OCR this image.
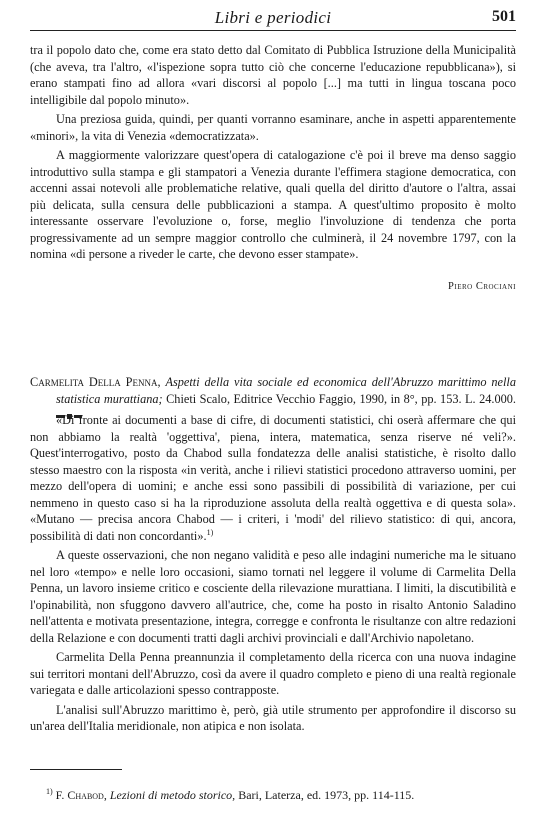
Libri e periodici	501

tra il popolo dato che, come era stato detto dal Comitato di Pubblica Istruzione della Municipalità (che aveva, tra l'altro, «l'ispezione sopra tutto ciò che concerne l'educazione repubblicana»), si erano stampati fino ad allora «vari discorsi al popolo [...] ma tutti in lingua toscana poco intelligibile dal popolo minuto».

Una preziosa guida, quindi, per quanti vorranno esaminare, anche in aspetti apparentemente «minori», la vita di Venezia «democratizzata».

A maggiormente valorizzare quest'opera di catalogazione c'è poi il breve ma denso saggio introduttivo sulla stampa e gli stampatori a Venezia durante l'effimera stagione democratica, con accenni assai notevoli alle problematiche relative, quali quella del diritto d'autore o l'altra, assai più delicata, sulla censura delle pubblicazioni a stampa. A quest'ultimo proposito è molto interessante osservare l'evoluzione o, forse, meglio l'involuzione di tendenza che porta progressivamente ad un sempre maggior controllo che culminerà, il 24 novembre 1797, con la nomina «di persone a riveder le carte, che devono esser stampate».

Piero Crociani

Carmelita Della Penna, Aspetti della vita sociale ed economica dell'Abruzzo marittimo nella statistica murattiana; Chieti Scalo, Editrice Vecchio Faggio, 1990, in 8°, pp. 153. L. 24.000.

«Di fronte ai documenti a base di cifre, di documenti statistici, chi oserà affermare che qui non abbiamo la realtà 'oggettiva', piena, intera, matematica, senza riserve né veli?». Quest'interrogativo, posto da Chabod sulla fondatezza delle analisi statistiche, è risolto dallo stesso maestro con la risposta «in verità, anche i rilievi statistici procedono attraverso uomini, per mezzo dell'opera di uomini; e anche essi sono passibili di possibilità di variazione, per cui nemmeno in questo caso si ha la riproduzione assoluta della realtà oggettiva e di questa sola». «Mutano — precisa ancora Chabod — i criteri, i 'modi' del rilievo statistico: di qui, ancora, possibilità di dati non concordanti».$^{1)}$

A queste osservazioni, che non negano validità e peso alle indagini numeriche ma le situano nel loro «tempo» e nelle loro occasioni, siamo tornati nel leggere il volume di Carmelita Della Penna, un lavoro insieme critico e cosciente della rilevazione murattiana. I limiti, la discutibilità e l'opinabilità, non sfuggono davvero all'autrice, che, come ha posto in risalto Antonio Saladino nell'attenta e motivata presentazione, integra, corregge e confronta le risultanze con altre redazioni della Relazione e con documenti tratti dagli archivi provinciali e dall'Archivio napoletano.

Carmelita Della Penna preannunzia il completamento della ricerca con una nuova indagine sui territori montani dell'Abruzzo, così da avere il quadro completo e pieno di una realtà regionale variegata e dalle articolazioni spesso contrapposte.

L'analisi sull'Abruzzo marittimo è, però, già utile strumento per approfondire il discorso su un'area dell'Italia meridionale, non atipica e non isolata.

$^{1)}$ F. Chabod, Lezioni di metodo storico, Bari, Laterza, ed. 1973, pp. 114-115.
